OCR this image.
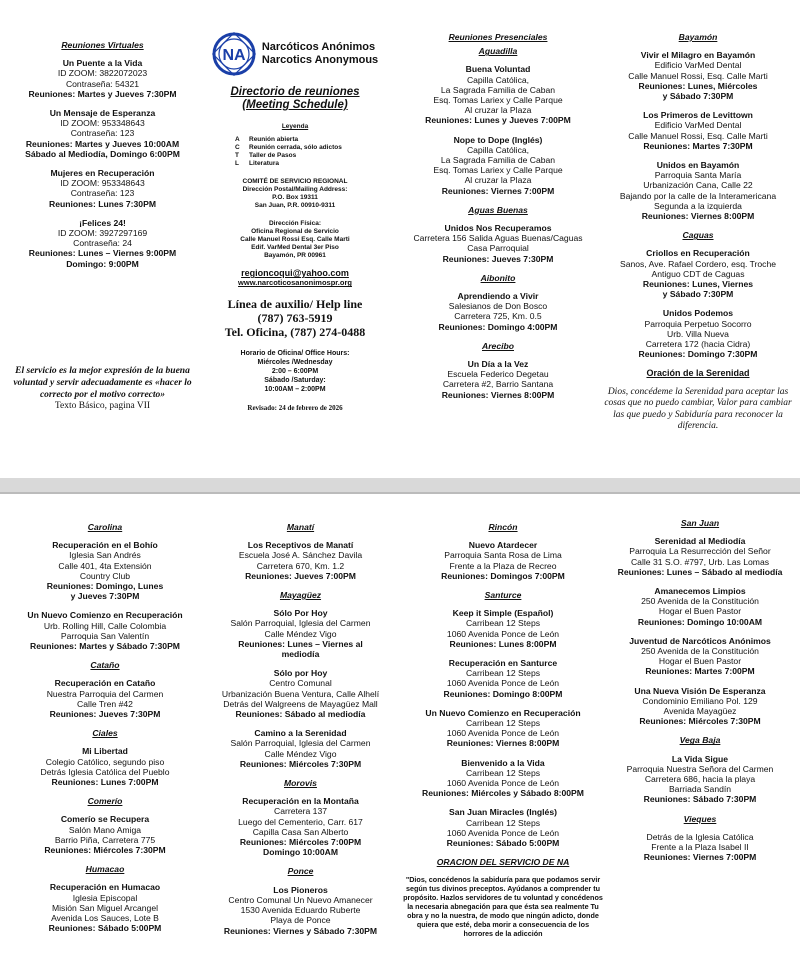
Reuniones Virtuales
Un Puente a la Vida
ID ZOOM: 3822072023
Contraseña: 54321
Reuniones: Martes y Jueves 7:30PM
Un Mensaje de Esperanza
ID ZOOM: 953348643
Contraseña: 123
Reuniones: Martes y Jueves 10:00AM
Sábado al Mediodía, Domingo 6:00PM
Mujeres en Recuperación
ID ZOOM: 953348643
Contraseña: 123
Reuniones: Lunes 7:30PM
¡Felices 24!
ID ZOOM: 3927297169
Contraseña: 24
Reuniones: Lunes – Viernes 9:00PM
Domingo: 9:00PM
El servicio es la mejor expresión de la buena voluntad y servir adecuadamente es «hacer lo correcto por el motivo correcto»
Texto Básico, pagina VII
NA Narcóticos Anónimos
Narcotics Anonymous
Directorio de reuniones
(Meeting Schedule)
Leyenda
A Reunión abierta
C Reunión cerrada, sólo adictos
T Taller de Pasos
L Literatura
COMITÉ DE SERVICIO REGIONAL
Dirección Postal/Mailing Address:
P.O. Box 19311
San Juan, P.R. 00910-9311
Dirección Física:
Oficina Regional de Servicio
Calle Manuel Rossi Esq. Calle Marti
Edif. VarMed Dental 3er Piso
Bayamón, PR 00961
regioncoqui@yahoo.com
www.narcoticosanonimospr.org
Línea de auxilio/ Help line
(787) 763-5919
Tel. Oficina, (787) 274-0488
Horario de Oficina/ Office Hours:
Miércoles /Wednesday
2:00 – 6:00PM
Sábado /Saturday:
10:00AM – 2:00PM
Revisado: 24 de febrero de 2026
Reuniones Presenciales
Aguadilla
Buena Voluntad
Capilla Católica,
La Sagrada Familia de Caban
Esq. Tomas Lariex y Calle Parque
Al cruzar la Plaza
Reuniones: Lunes y Jueves 7:00PM
Nope to Dope (Inglés)
Capilla Católica,
La Sagrada Familia de Caban
Esq. Tomas Lariex y Calle Parque
Al cruzar la Plaza
Reuniones: Viernes 7:00PM
Aguas Buenas
Unidos Nos Recuperamos
Carretera 156 Salida Aguas Buenas/Caguas
Casa Parroquial
Reuniones: Jueves 7:30PM
Aibonito
Aprendiendo a Vivir
Salesianos de Don Bosco
Carretera 725, Km. 0.5
Reuniones: Domingo 4:00PM
Arecibo
Un Día a la Vez
Escuela Federico Degetau
Carretera #2, Barrio Santana
Reuniones: Viernes 8:00PM
Bayamón
Vivir el Milagro en Bayamón
Edificio VarMed Dental
Calle Manuel Rossi, Esq. Calle Marti
Reuniones: Lunes, Miércoles
y Sábado 7:30PM
Los Primeros de Levittown
Edificio VarMed Dental
Calle Manuel Rossi, Esq. Calle Marti
Reuniones: Martes 7:30PM
Unidos en Bayamón
Parroquia Santa María
Urbanización Cana, Calle 22
Bajando por la calle de la Interamericana
Segunda a la izquierda
Reuniones: Viernes 8:00PM
Caguas
Criollos en Recuperación
Sanos, Ave. Rafael Cordero, esq. Troche
Antiguo CDT de Caguas
Reuniones: Lunes, Viernes
y Sábado 7:30PM
Unidos Podemos
Parroquia Perpetuo Socorro
Urb. Villa Nueva
Carretera 172 (hacia Cidra)
Reuniones: Domingo 7:30PM
Oración de la Serenidad
Dios, concédeme la Serenidad para aceptar las cosas que no puedo cambiar, Valor para cambiar las que puedo y Sabiduría para reconocer la diferencia.
Carolina
Recuperación en el Bohío
Iglesia San Andrés
Calle 401, 4ta Extensión
Country Club
Reuniones: Domingo, Lunes
y Jueves 7:30PM
Un Nuevo Comienzo en Recuperación
Urb. Rolling Hill, Calle Colombia
Parroquia San Valentín
Reuniones: Martes y Sábado 7:30PM
Cataño
Recuperación en Cataño
Nuestra Parroquia del Carmen
Calle Tren #42
Reuniones: Jueves 7:30PM
Ciales
Mi Libertad
Colegio Católico, segundo piso
Detrás Iglesia Católica del Pueblo
Reuniones: Lunes 7:00PM
Comerío
Comerío se Recupera
Salón Mano Amiga
Barrio Piña, Carretera 775
Reuniones: Miércoles 7:30PM
Humacao
Recuperación en Humacao
Iglesia Episcopal
Misión San Miguel Arcangel
Avenida Los Sauces, Lote B
Reuniones: Sábado 5:00PM
Manatí
Los Receptivos de Manatí
Escuela José A. Sánchez Davila
Carretera 670, Km. 1.2
Reuniones: Jueves 7:00PM
Mayagüez
Sólo Por Hoy
Salón Parroquial, Iglesia del Carmen
Calle Méndez Vigo
Reuniones: Lunes – Viernes al
mediodía
Sólo por Hoy
Centro Comunal
Urbanización Buena Ventura, Calle Alhelí
Detrás del Walgreens de Mayagüez Mall
Reuniones: Sábado al mediodía
Camino a la Serenidad
Salón Parroquial, Iglesia del Carmen
Calle Méndez Vigo
Reuniones: Miércoles 7:30PM
Morovis
Recuperación en la Montaña
Carretera 137
Luego del Cementerio, Carr. 617
Capilla Casa San Alberto
Reuniones: Miércoles 7:00PM
Domingo 10:00AM
Ponce
Los Pioneros
Centro Comunal Un Nuevo Amanecer
1530 Avenida Eduardo Ruberte
Playa de Ponce
Reuniones: Viernes y Sábado 7:30PM
Rincón
Nuevo Atardecer
Parroquia Santa Rosa de Lima
Frente a la Plaza de Recreo
Reuniones: Domingos 7:00PM
Santurce
Keep it Simple (Español)
Carribean 12 Steps
1060 Avenida Ponce de León
Reuniones: Lunes 8:00PM
Recuperación en Santurce
Carribean 12 Steps
1060 Avenida Ponce de León
Reuniones: Domingo 8:00PM
Un Nuevo Comienzo en Recuperación
Carribean 12 Steps
1060 Avenida Ponce de León
Reuniones: Viernes 8:00PM
Bienvenido a la Vida
Carribean 12 Steps
1060 Avenida Ponce de León
Reuniones: Miércoles y Sábado 8:00PM
San Juan Miracles (Inglés)
Carribean 12 Steps
1060 Avenida Ponce de León
Reuniones: Sábado 5:00PM
ORACION DEL SERVICIO DE NA
"Dios, concédenos la sabiduría para que podamos servir según tus divinos preceptos. Ayúdanos a comprender tu propósito. Hazlos servidores de tu voluntad y concédenos la necesaria abnegación para que ésta sea realmente Tu obra y no la nuestra, de modo que ningún adicto, donde quiera que esté, deba morir a consecuencia de los horrores de la adicción
San Juan
Serenidad al Mediodía
Parroquia La Resurrección del Señor
Calle 31 S.O. #797, Urb. Las Lomas
Reuniones: Lunes – Sábado al mediodía
Amanecemos Limpios
250 Avenida de la Constitución
Hogar el Buen Pastor
Reuniones: Domingo 10:00AM
Juventud de Narcóticos Anónimos
250 Avenida de la Constitución
Hogar el Buen Pastor
Reuniones: Martes 7:00PM
Una Nueva Visión De Esperanza
Condominio Emiliano Pol. 129
Avenida Mayagüez
Reuniones: Miércoles 7:30PM
Vega Baja
La Vida Sigue
Parroquia Nuestra Señora del Carmen
Carretera 686, hacia la playa
Barriada Sandín
Reuniones: Sábado 7:30PM
Vieques
Detrás de la Iglesia Católica
Frente a la Plaza Isabel II
Reuniones: Viernes 7:00PM
